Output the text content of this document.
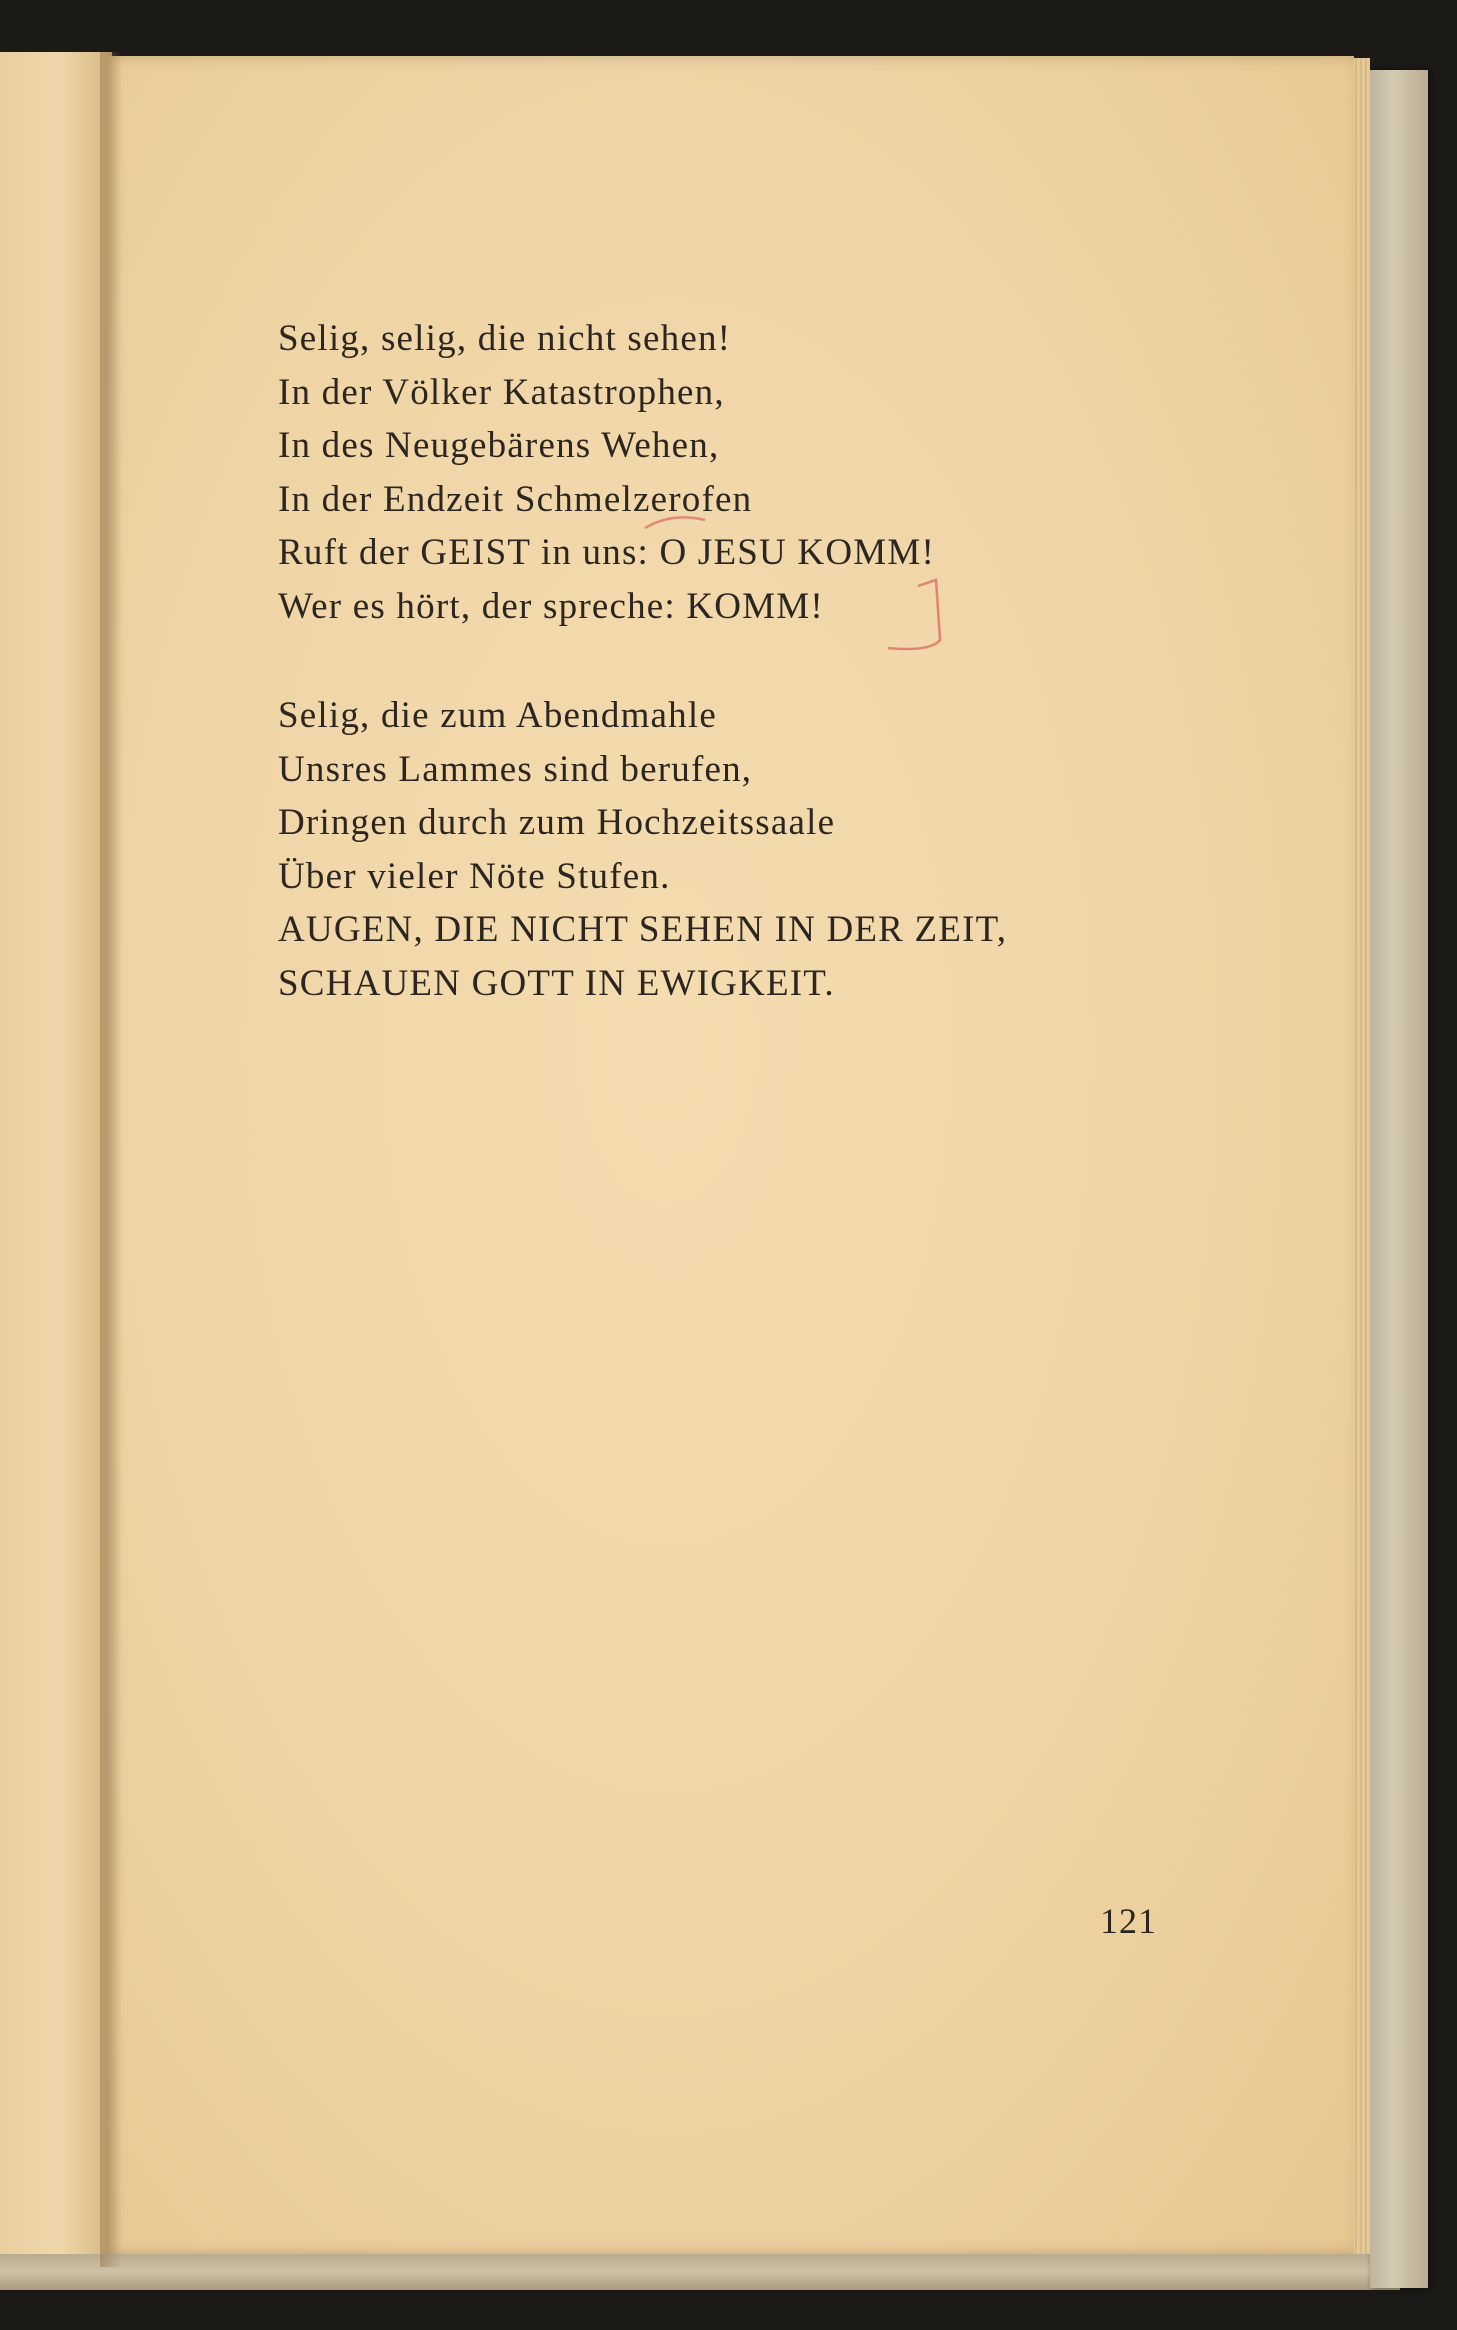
Selig, selig, die nicht sehen!
In der Völker Katastrophen,
In des Neugebärens Wehen,
In der Endzeit Schmelzerofen
Ruft der GEIST in uns: O JESU KOMM!
Wer es hört, der spreche: KOMM!
Selig, die zum Abendmahle
Unsres Lammes sind berufen,
Dringen durch zum Hochzeitssaale
Über vieler Nöte Stufen.
AUGEN, DIE NICHT SEHEN IN DER ZEIT,
SCHAUEN GOTT IN EWIGKEIT.
121
